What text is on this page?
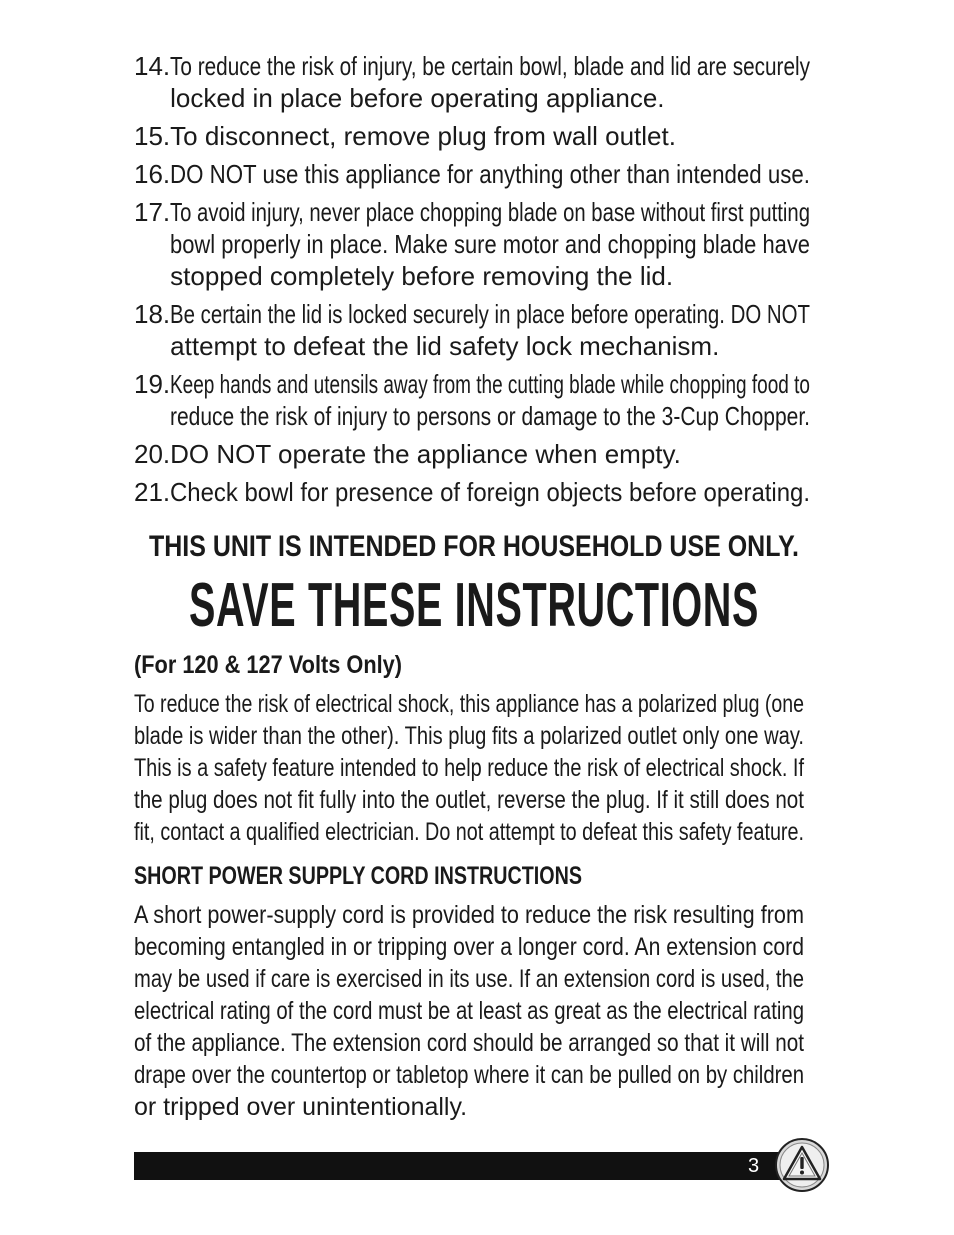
14. To reduce the risk of injury, be certain bowl, blade and lid are securely
locked in place before operating appliance.
15. To disconnect, remove plug from wall outlet.
16. DO NOT use this appliance for anything other than intended use.
17. To avoid injury, never place chopping blade on base without first putting
bowl properly in place. Make sure motor and chopping blade have
stopped completely before removing the lid.
18. Be certain the lid is locked securely in place before operating. DO NOT
attempt to defeat the lid safety lock mechanism.
19. Keep hands and utensils away from the cutting blade while chopping food to
reduce the risk of injury to persons or damage to the 3-Cup Chopper.
20. DO NOT operate the appliance when empty.
21. Check bowl for presence of foreign objects before operating.
THIS UNIT IS INTENDED FOR HOUSEHOLD USE ONLY.
SAVE THESE INSTRUCTIONS
(For 120 & 127 Volts Only)
To reduce the risk of electrical shock, this appliance has a polarized plug (one
blade is wider than the other). This plug fits a polarized outlet only one way.
This is a safety feature intended to help reduce the risk of electrical shock. If
the plug does not fit fully into the outlet, reverse the plug. If it still does not
fit, contact a qualified electrician. Do not attempt to defeat this safety feature.
SHORT POWER SUPPLY CORD INSTRUCTIONS
A short power-supply cord is provided to reduce the risk resulting from
becoming entangled in or tripping over a longer cord. An extension cord
may be used if care is exercised in its use. If an extension cord is used, the
electrical rating of the cord must be at least as great as the electrical rating
of the appliance. The extension cord should be arranged so that it will not
drape over the countertop or tabletop where it can be pulled on by children
or tripped over unintentionally.
3
